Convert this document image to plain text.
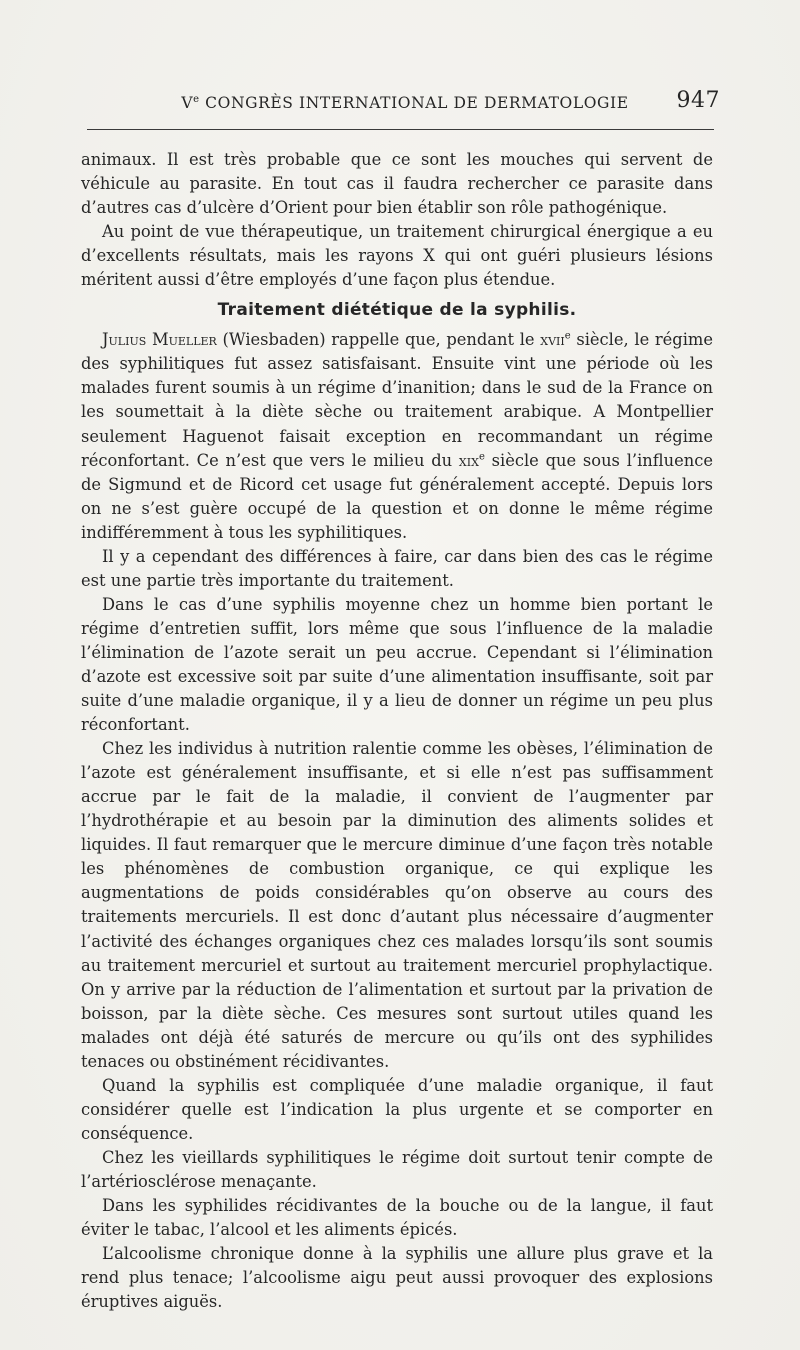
Ve CONGRÈS INTERNATIONAL DE DERMATOLOGIE	947

animaux. Il est très probable que ce sont les mouches qui servent de véhicule au parasite. En tout cas il faudra rechercher ce parasite dans d’autres cas d’ulcère d’Orient pour bien établir son rôle pathogénique.

Au point de vue thérapeutique, un traitement chirurgical énergique a eu d’excellents résultats, mais les rayons X qui ont guéri plusieurs lésions méritent aussi d’être employés d’une façon plus étendue.

Traitement diététique de la syphilis.

Julius Mueller (Wiesbaden) rappelle que, pendant le xvii$^e$ siècle, le régime des syphilitiques fut assez satisfaisant. Ensuite vint une période où les malades furent soumis à un régime d’inanition; dans le sud de la France on les soumettait à la diète sèche ou traitement arabique. A Montpellier seulement Haguenot faisait exception en recommandant un régime réconfortant. Ce n’est que vers le milieu du xix$^e$ siècle que sous l’influence de Sigmund et de Ricord cet usage fut généralement accepté. Depuis lors on ne s’est guère occupé de la question et on donne le même régime indifféremment à tous les syphilitiques.

Il y a cependant des différences à faire, car dans bien des cas le régime est une partie très importante du traitement.

Dans le cas d’une syphilis moyenne chez un homme bien portant le régime d’entretien suffit, lors même que sous l’influence de la maladie l’élimination de l’azote serait un peu accrue. Cependant si l’élimination d’azote est excessive soit par suite d’une alimentation insuffisante, soit par suite d’une maladie organique, il y a lieu de donner un régime un peu plus réconfortant.

Chez les individus à nutrition ralentie comme les obèses, l’élimination de l’azote est généralement insuffisante, et si elle n’est pas suffisamment accrue par le fait de la maladie, il convient de l’augmenter par l’hydrothérapie et au besoin par la diminution des aliments solides et liquides. Il faut remarquer que le mercure diminue d’une façon très notable les phénomènes de combustion organique, ce qui explique les augmentations de poids considérables qu’on observe au cours des traitements mercuriels. Il est donc d’autant plus nécessaire d’augmenter l’activité des échanges organiques chez ces malades lorsqu’ils sont soumis au traitement mercuriel et surtout au traitement mercuriel prophylactique. On y arrive par la réduction de l’alimentation et surtout par la privation de boisson, par la diète sèche. Ces mesures sont surtout utiles quand les malades ont déjà été saturés de mercure ou qu’ils ont des syphilides tenaces ou obstinément récidivantes.

Quand la syphilis est compliquée d’une maladie organique, il faut considérer quelle est l’indication la plus urgente et se comporter en conséquence.

Chez les vieillards syphilitiques le régime doit surtout tenir compte de l’artériosclérose menaçante.

Dans les syphilides récidivantes de la bouche ou de la langue, il faut éviter le tabac, l’alcool et les aliments épicés.

L’alcoolisme chronique donne à la syphilis une allure plus grave et la rend plus tenace; l’alcoolisme aigu peut aussi provoquer des explosions éruptives aiguës.
